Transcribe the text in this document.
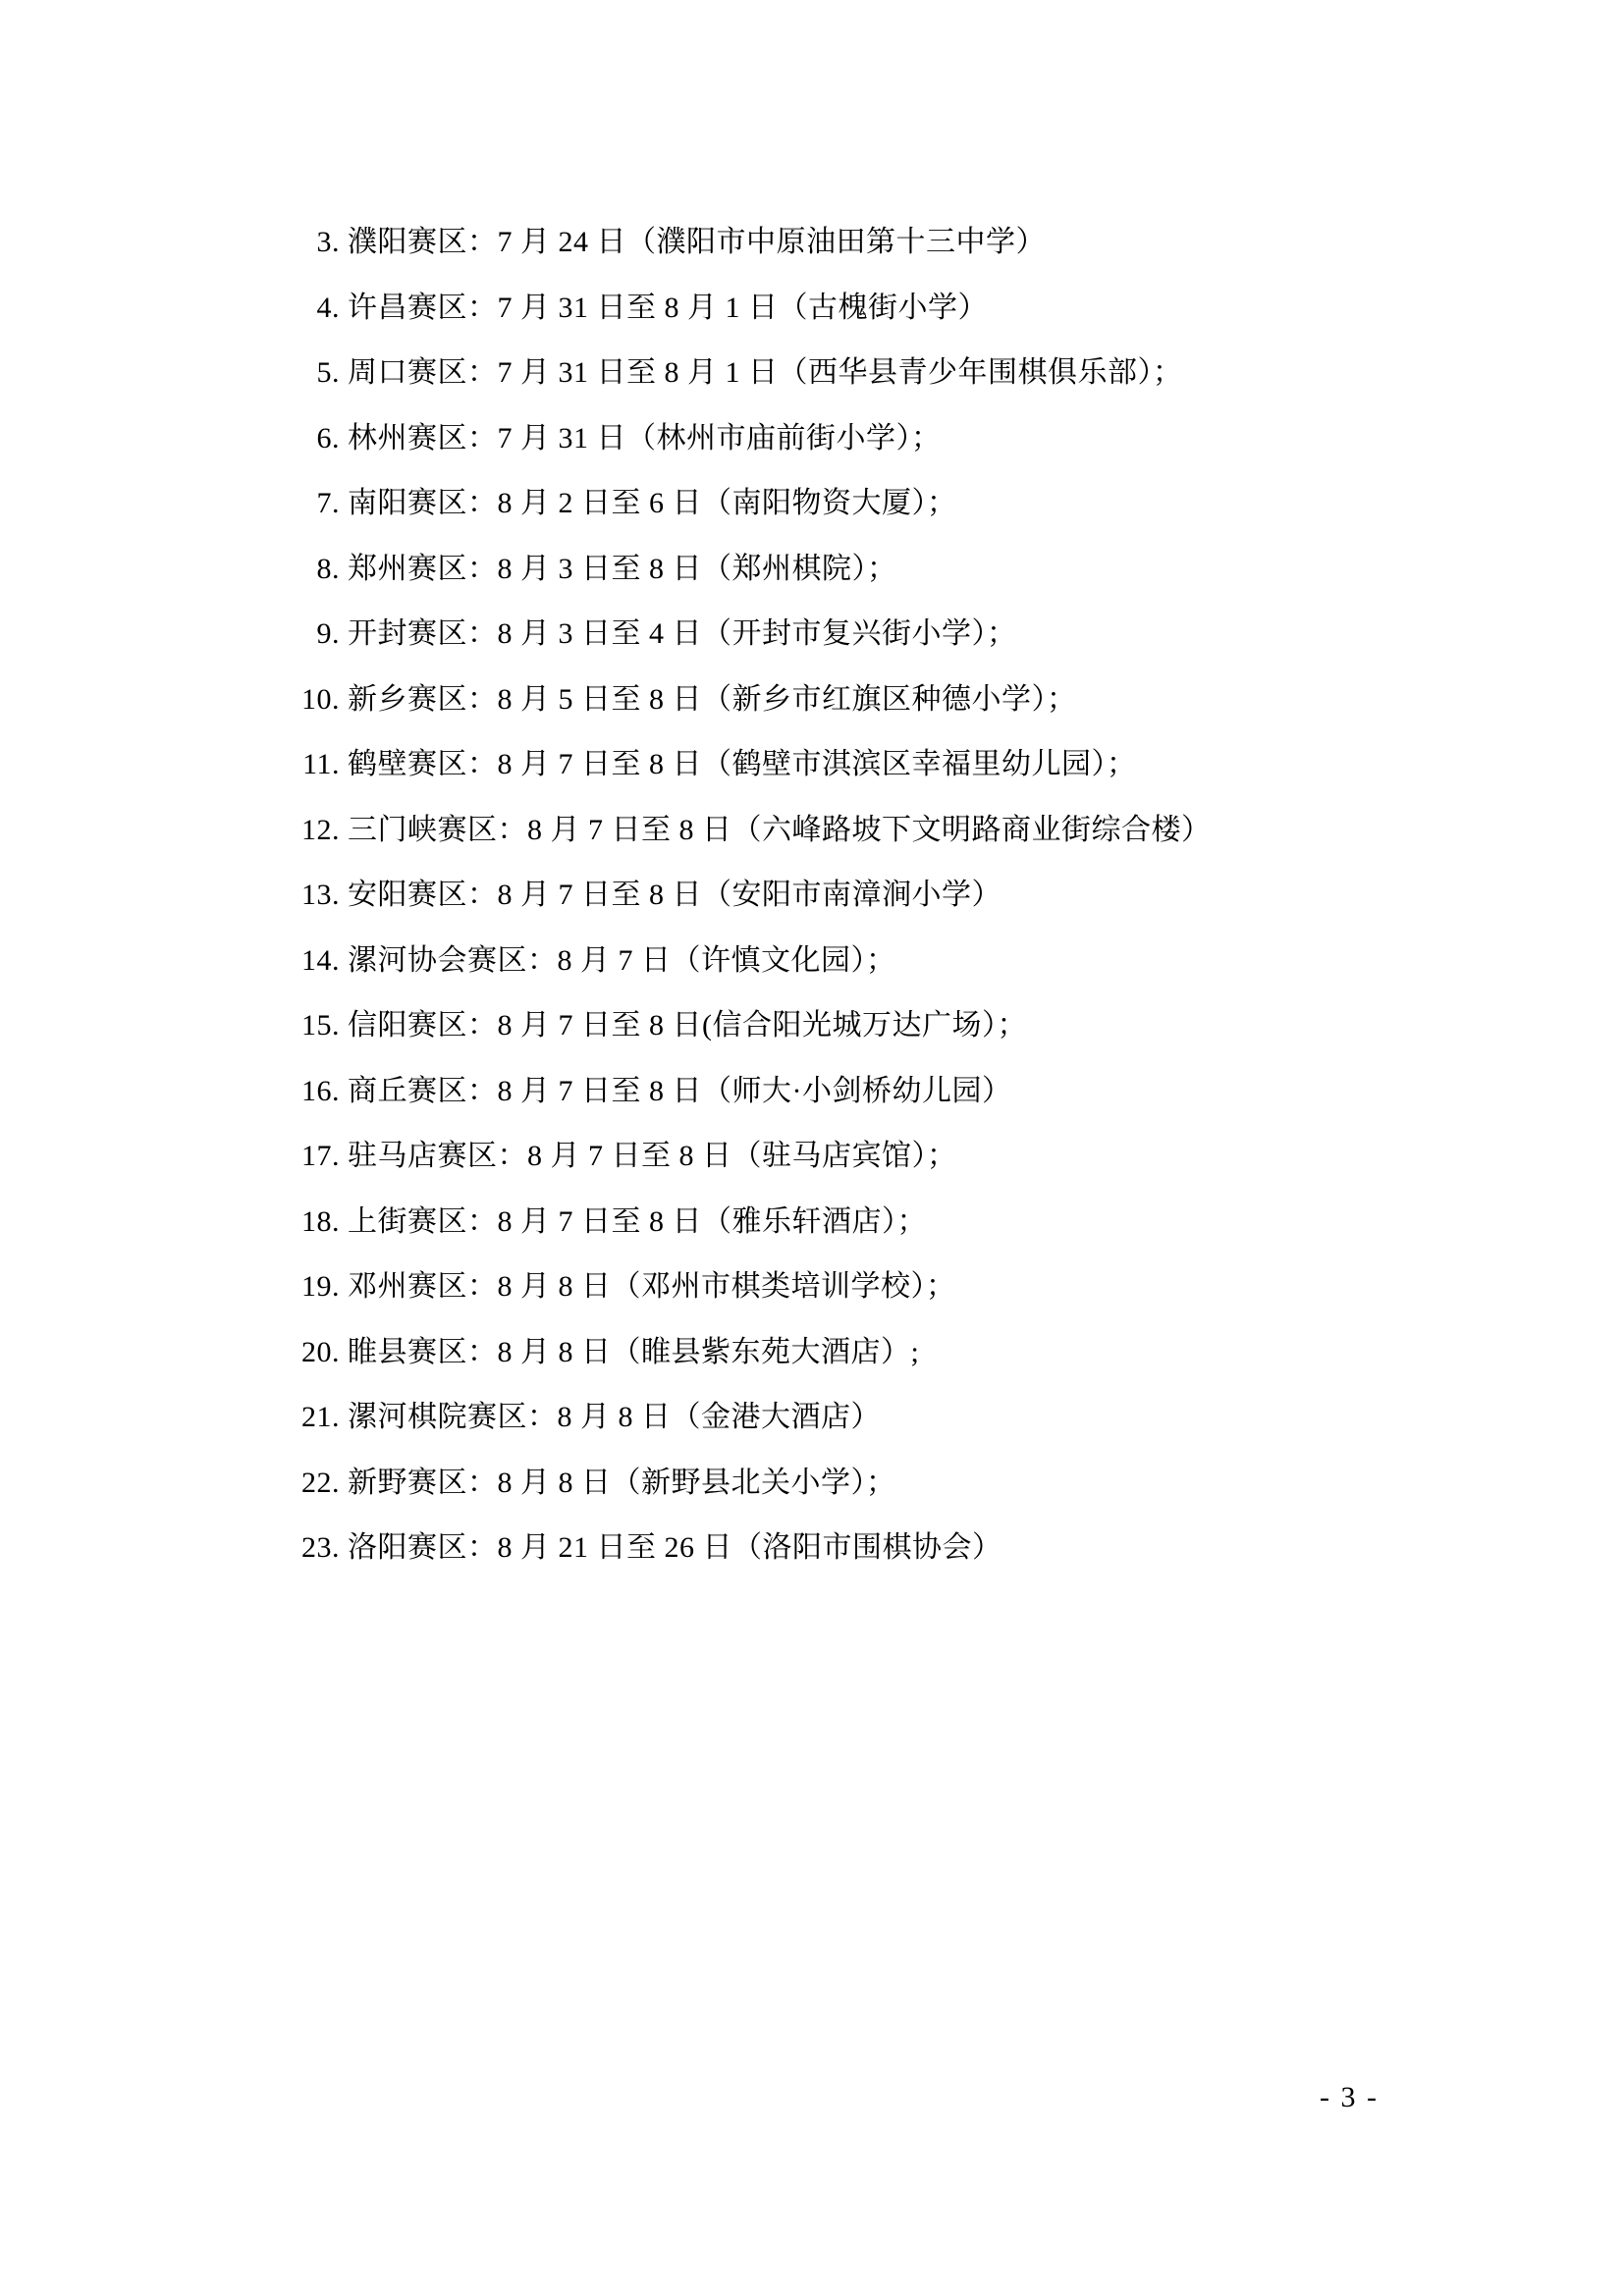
3. 濮阳赛区：7 月 24 日（濮阳市中原油田第十三中学）
4. 许昌赛区：7 月 31 日至 8 月 1 日（古槐街小学）
5. 周口赛区：7 月 31 日至 8 月 1 日（西华县青少年围棋俱乐部）；
6. 林州赛区：7 月 31 日（林州市庙前街小学）；
7. 南阳赛区：8 月 2 日至 6 日（南阳物资大厦）；
8. 郑州赛区：8 月 3 日至 8 日（郑州棋院）；
9. 开封赛区：8 月 3 日至 4 日（开封市复兴街小学）；
10. 新乡赛区：8 月 5 日至 8 日（新乡市红旗区种德小学）；
11. 鹤壁赛区：8 月 7 日至 8 日（鹤壁市淇滨区幸福里幼儿园）；
12. 三门峡赛区：8 月 7 日至 8 日（六峰路坡下文明路商业街综合楼）
13. 安阳赛区：8 月 7 日至 8 日（安阳市南漳涧小学）
14. 漯河协会赛区：8 月 7 日（许慎文化园）；
15. 信阳赛区：8 月 7 日至 8 日(信合阳光城万达广场）；
16. 商丘赛区：8 月 7 日至 8 日（师大·小剑桥幼儿园）
17. 驻马店赛区：8 月 7 日至 8 日（驻马店宾馆）；
18. 上街赛区：8 月 7 日至 8 日（雅乐轩酒店）；
19. 邓州赛区：8 月 8 日（邓州市棋类培训学校）；
20. 睢县赛区：8 月 8 日（睢县紫东苑大酒店）;
21. 漯河棋院赛区：8 月 8 日（金港大酒店）
22. 新野赛区：8 月 8 日（新野县北关小学）；
23. 洛阳赛区：8 月 21 日至 26 日（洛阳市围棋协会）
- 3 -
